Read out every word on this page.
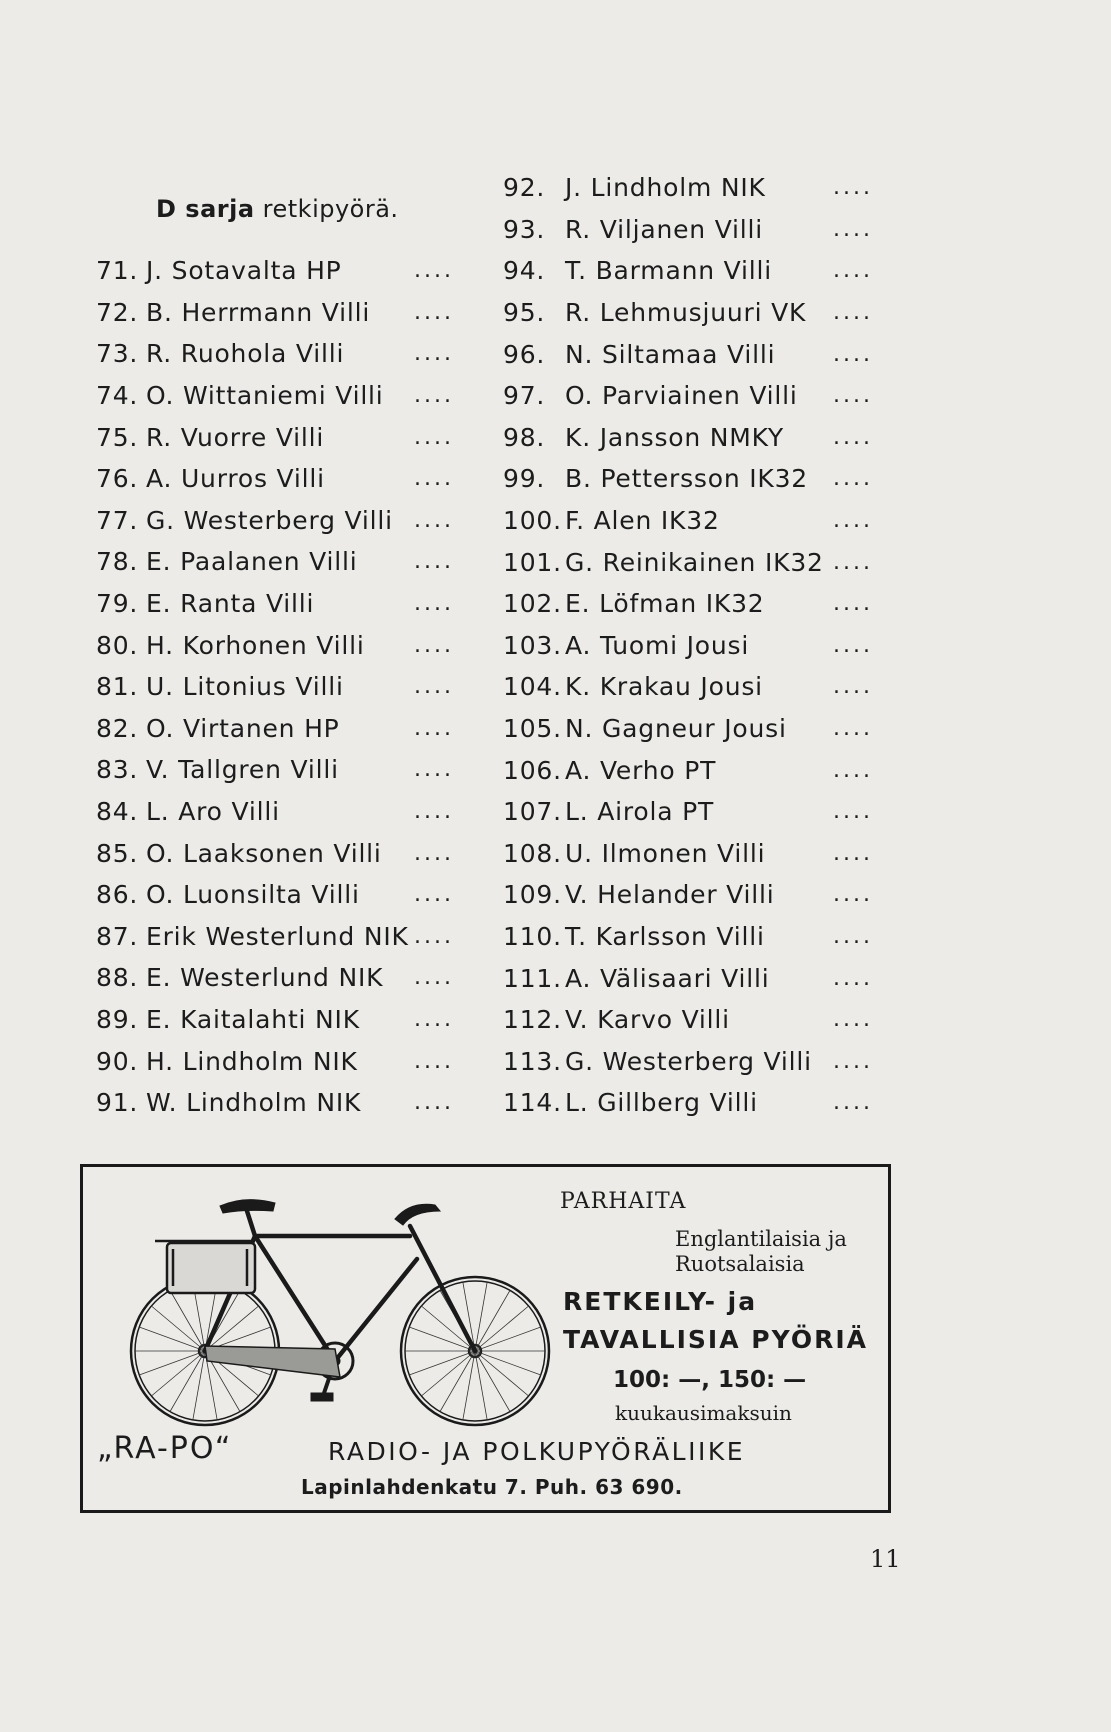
D sarja retkipyörä.
71. J. Sotavalta HP	....
72. B. Herrmann Villi ....
73. R. Ruohola Villi	....
74. O. Wittaniemi Villi ....
75. R. Vuorre Villi	....
76. A. Uurros Villi	....
77. G. Westerberg Villi ....
78. E. Paalanen Villi	....
79. E. Ranta Villi	....
80. H. Korhonen Villi ....
81. U. Litonius Villi	....
82. O. Virtanen HP	....
83. V. Tallgren Villi	....
84. L. Aro Villi	....
85. O. Laaksonen Villi ....
86. O. Luonsilta Villi ....
87. Erik Westerlund NIK ....
88. E. Westerlund NIK ....
89. E. Kaitalahti NIK ....
90. H. Lindholm NIK	....
91. W. Lindholm NIK ....
92. J. Lindholm NIK	....
93. R. Viljanen Villi	....
94. T. Barmann Villi	....
95. R. Lehmusjuuri VK ....
96. N. Siltamaa Villi	....
97. O. Parviainen Villi ....
98. K. Jansson NMKY ....
99. B. Pettersson IK32 ....
100. F. Alen IK32	....
101. G. Reinikainen IK32 ....
102. E. Löfman IK32	....
103. A. Tuomi Jousi	....
104. K. Krakau Jousi	....
105. N. Gagneur Jousi ....
106. A. Verho PT	....
107. L. Airola PT	....
108. U. Ilmonen Villi	....
109. V. Helander Villi	....
110. T. Karlsson Villi	....
111. A. Välisaari Villi	....
112. V. Karvo Villi	....
113. G. Westerberg Villi ....
114. L. Gillberg Villi	....
PARHAITA
Englantilaisia ja
Ruotsalaisia
RETKEILY- ja
TAVALLISIA PYÖRIÄ
100: —, 150: —
kuukausimaksuin
„RA-PO“	RADIO- JA POLKUPYÖRÄLIIKE
Lapinlahdenkatu 7. Puh. 63 690.
11
